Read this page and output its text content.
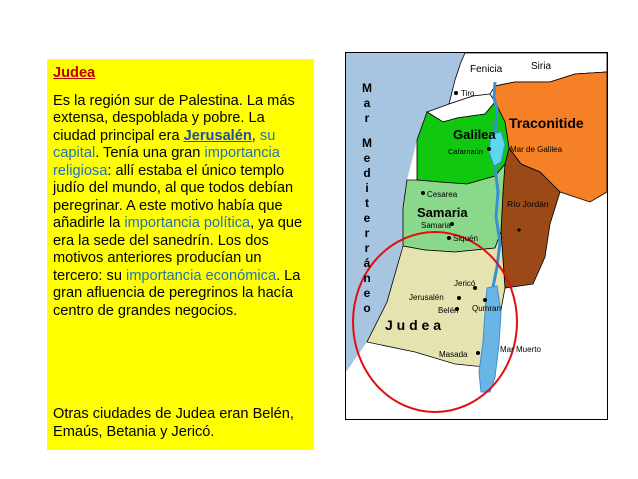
Judea

Es la región sur de Palestina. La más extensa, despoblada y pobre. La ciudad principal era Jerusalén, su capital. Tenía una gran importancia religiosa: allí estaba el único templo judío del mundo, al que todos debían peregrinar. A este motivo había que añadirle la importancia política, ya que era la sede del sanedrín. Los dos motivos anteriores producían un tercero: su importancia económica. La gran afluencia de peregrinos la hacía centro de grandes negocios.

Otras ciudades de Judea eran Belén, Emaús, Betania y Jericó.

M
a
r
M
e
d
i
t
e
r
r
á
n
e
o
Fenicia	Siria
Tiro
Galilea
Cafarnaún	Mar de Galilea
Traconitide
Cesarea
Samaria
Samaria
Siquén
Río Jordán
Jericó
Jerusalén
Belén Qumran
J u d e a
Masada
Mar Muerto
